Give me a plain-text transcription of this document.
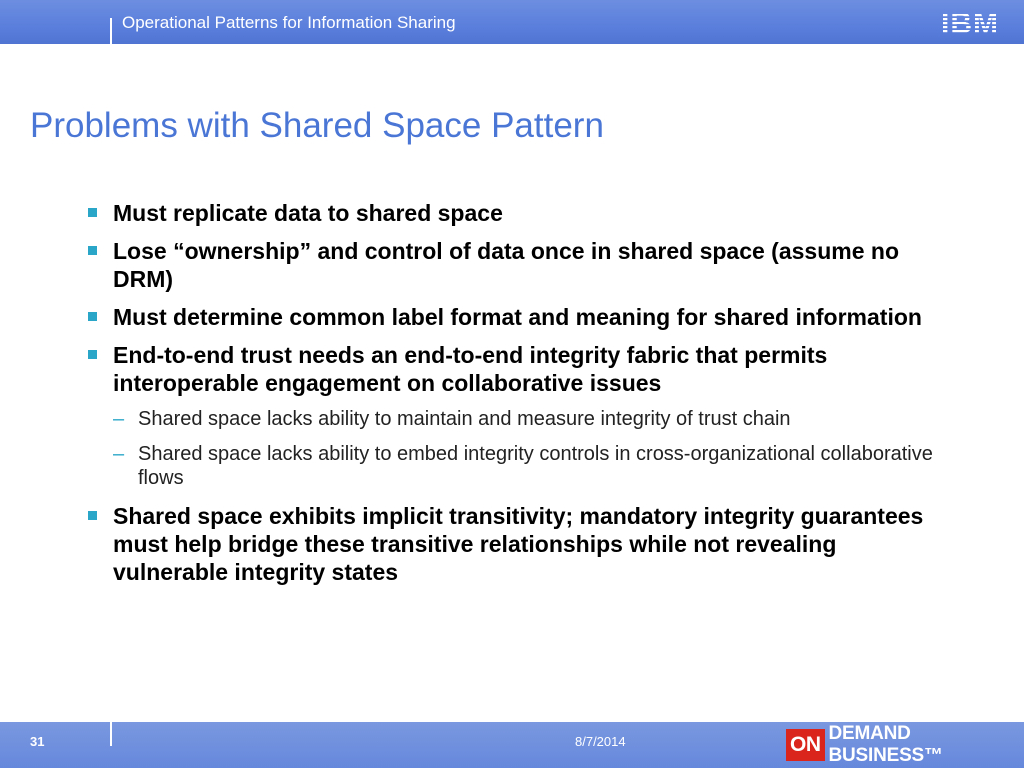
Operational Patterns for Information Sharing
Problems with Shared Space Pattern
Must replicate data to shared space
Lose “ownership” and control of data once in shared space (assume no DRM)
Must determine common label format and meaning for shared information
End-to-end trust needs an end-to-end integrity fabric that permits interoperable engagement on collaborative issues
– Shared space lacks ability to maintain and measure integrity of trust chain
– Shared space lacks ability to embed integrity controls in cross-organizational collaborative flows
Shared space exhibits implicit transitivity; mandatory integrity guarantees must help bridge these transitive relationships while not revealing vulnerable integrity states
31	8/7/2014	ON DEMAND BUSINESS™
